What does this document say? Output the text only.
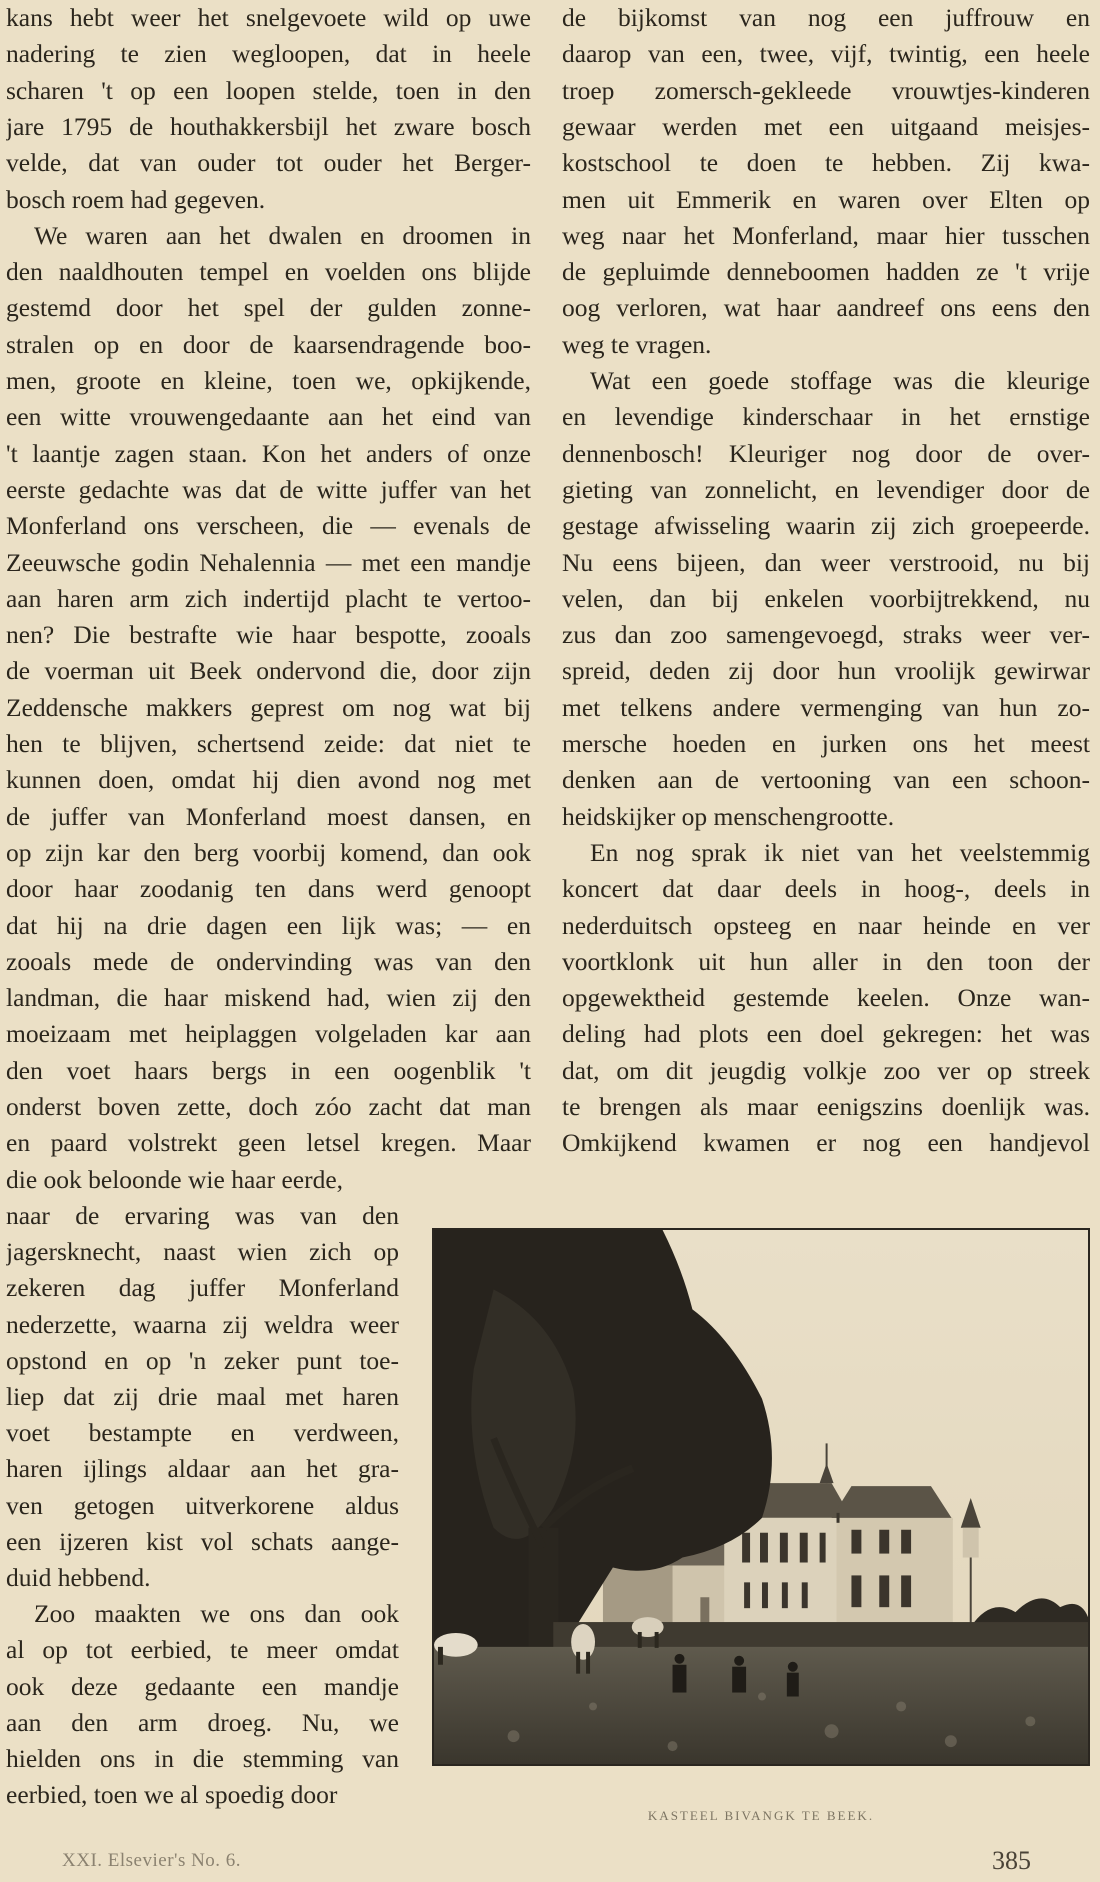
kans hebt weer het snelgevoete wild op uwe
nadering te zien wegloopen, dat in heele
scharen 't op een loopen stelde, toen in den
jare 1795 de houthakkersbijl het zware bosch
velde, dat van ouder tot ouder het Berger-
bosch roem had gegeven.
We waren aan het dwalen en droomen in
den naaldhouten tempel en voelden ons blijde
gestemd door het spel der gulden zonne-
stralen op en door de kaarsendragende boo-
men, groote en kleine, toen we, opkijkende,
een witte vrouwengedaante aan het eind van
't laantje zagen staan. Kon het anders of onze
eerste gedachte was dat de witte juffer van het
Monferland ons verscheen, die — evenals de
Zeeuwsche godin Nehalennia — met een mandje
aan haren arm zich indertijd placht te vertoo-
nen? Die bestrafte wie haar bespotte, zooals
de voerman uit Beek ondervond die, door zijn
Zeddensche makkers geprest om nog wat bij
hen te blijven, schertsend zeide: dat niet te
kunnen doen, omdat hij dien avond nog met
de juffer van Monferland moest dansen, en
op zijn kar den berg voorbij komend, dan ook
door haar zoodanig ten dans werd genoopt
dat hij na drie dagen een lijk was; — en
zooals mede de ondervinding was van den
landman, die haar miskend had, wien zij den
moeizaam met heiplaggen volgeladen kar aan
den voet haars bergs in een oogenblik 't
onderst boven zette, doch zóo zacht dat man
en paard volstrekt geen letsel kregen. Maar
die ook beloonde wie haar eerde,
naar de ervaring was van den
jagersknecht, naast wien zich op
zekeren dag juffer Monferland
nederzette, waarna zij weldra weer
opstond en op 'n zeker punt toe-
liep dat zij drie maal met haren
voet bestampte en verdween,
haren ijlings aldaar aan het gra-
ven getogen uitverkorene aldus
een ijzeren kist vol schats aange-
duid hebbend.
Zoo maakten we ons dan ook
al op tot eerbied, te meer omdat
ook deze gedaante een mandje
aan den arm droeg. Nu, we
hielden ons in die stemming van
eerbied, toen we al spoedig door
de bijkomst van nog een juffrouw en
daarop van een, twee, vijf, twintig, een heele
troep zomersch-gekleede vrouwtjes-kinderen
gewaar werden met een uitgaand meisjes-
kostschool te doen te hebben. Zij kwa-
men uit Emmerik en waren over Elten op
weg naar het Monferland, maar hier tusschen
de gepluimde denneboomen hadden ze 't vrije
oog verloren, wat haar aandreef ons eens den
weg te vragen.
Wat een goede stoffage was die kleurige
en levendige kinderschaar in het ernstige
dennenbosch! Kleuriger nog door de over-
gieting van zonnelicht, en levendiger door de
gestage afwisseling waarin zij zich groepeerde.
Nu eens bijeen, dan weer verstrooid, nu bij
velen, dan bij enkelen voorbijtrekkend, nu
zus dan zoo samengevoegd, straks weer ver-
spreid, deden zij door hun vroolijk gewirwar
met telkens andere vermenging van hun zo-
mersche hoeden en jurken ons het meest
denken aan de vertooning van een schoon-
heidskijker op menschengrootte.
En nog sprak ik niet van het veelstemmig
koncert dat daar deels in hoog-, deels in
nederduitsch opsteeg en naar heinde en ver
voortklonk uit hun aller in den toon der
opgewektheid gestemde keelen. Onze wan-
deling had plots een doel gekregen: het was
dat, om dit jeugdig volkje zoo ver op streek
te brengen als maar eenigszins doenlijk was.
Omkijkend kwamen er nog een handjevol
KASTEEL BIVANGK TE BEEK.
XXI. Elsevier's No. 6.	385
